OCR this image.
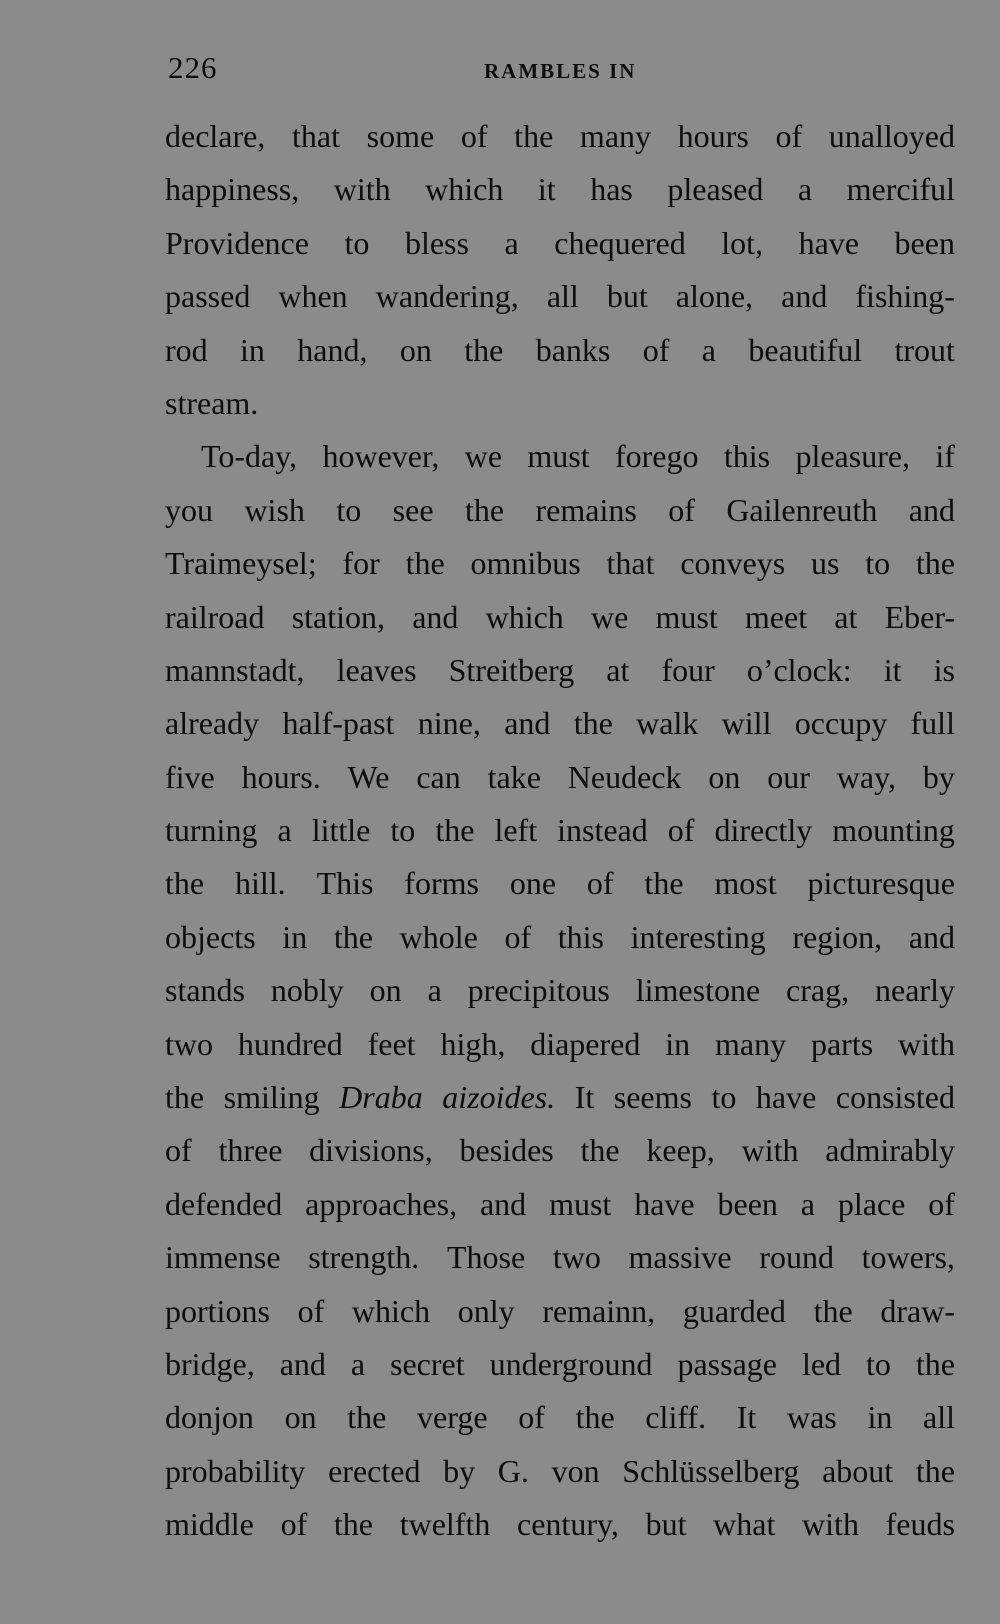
226	RAMBLES IN
declare, that some of the many hours of unalloyed
happiness, with which it has pleased a merciful
Providence to bless a chequered lot, have been
passed when wandering, all but alone, and fishing-
rod in hand, on the banks of a beautiful trout
stream.
To-day, however, we must forego this pleasure, if
you wish to see the remains of Gailenreuth and
Traimeysel; for the omnibus that conveys us to the
railroad station, and which we must meet at Eber-
mannstadt, leaves Streitberg at four o’clock: it is
already half-past nine, and the walk will occupy full
five hours. We can take Neudeck on our way, by
turning a little to the left instead of directly mounting
the hill. This forms one of the most picturesque
objects in the whole of this interesting region, and
stands nobly on a precipitous limestone crag, nearly
two hundred feet high, diapered in many parts with
the smiling Draba aizoides. It seems to have consisted
of three divisions, besides the keep, with admirably
defended approaches, and must have been a place of
immense strength. Those two massive round towers,
portions of which only remainn, guarded the draw-
bridge, and a secret underground passage led to the
donjon on the verge of the cliff. It was in all
probability erected by G. von Schlüsselberg about the
middle of the twelfth century, but what with feuds
